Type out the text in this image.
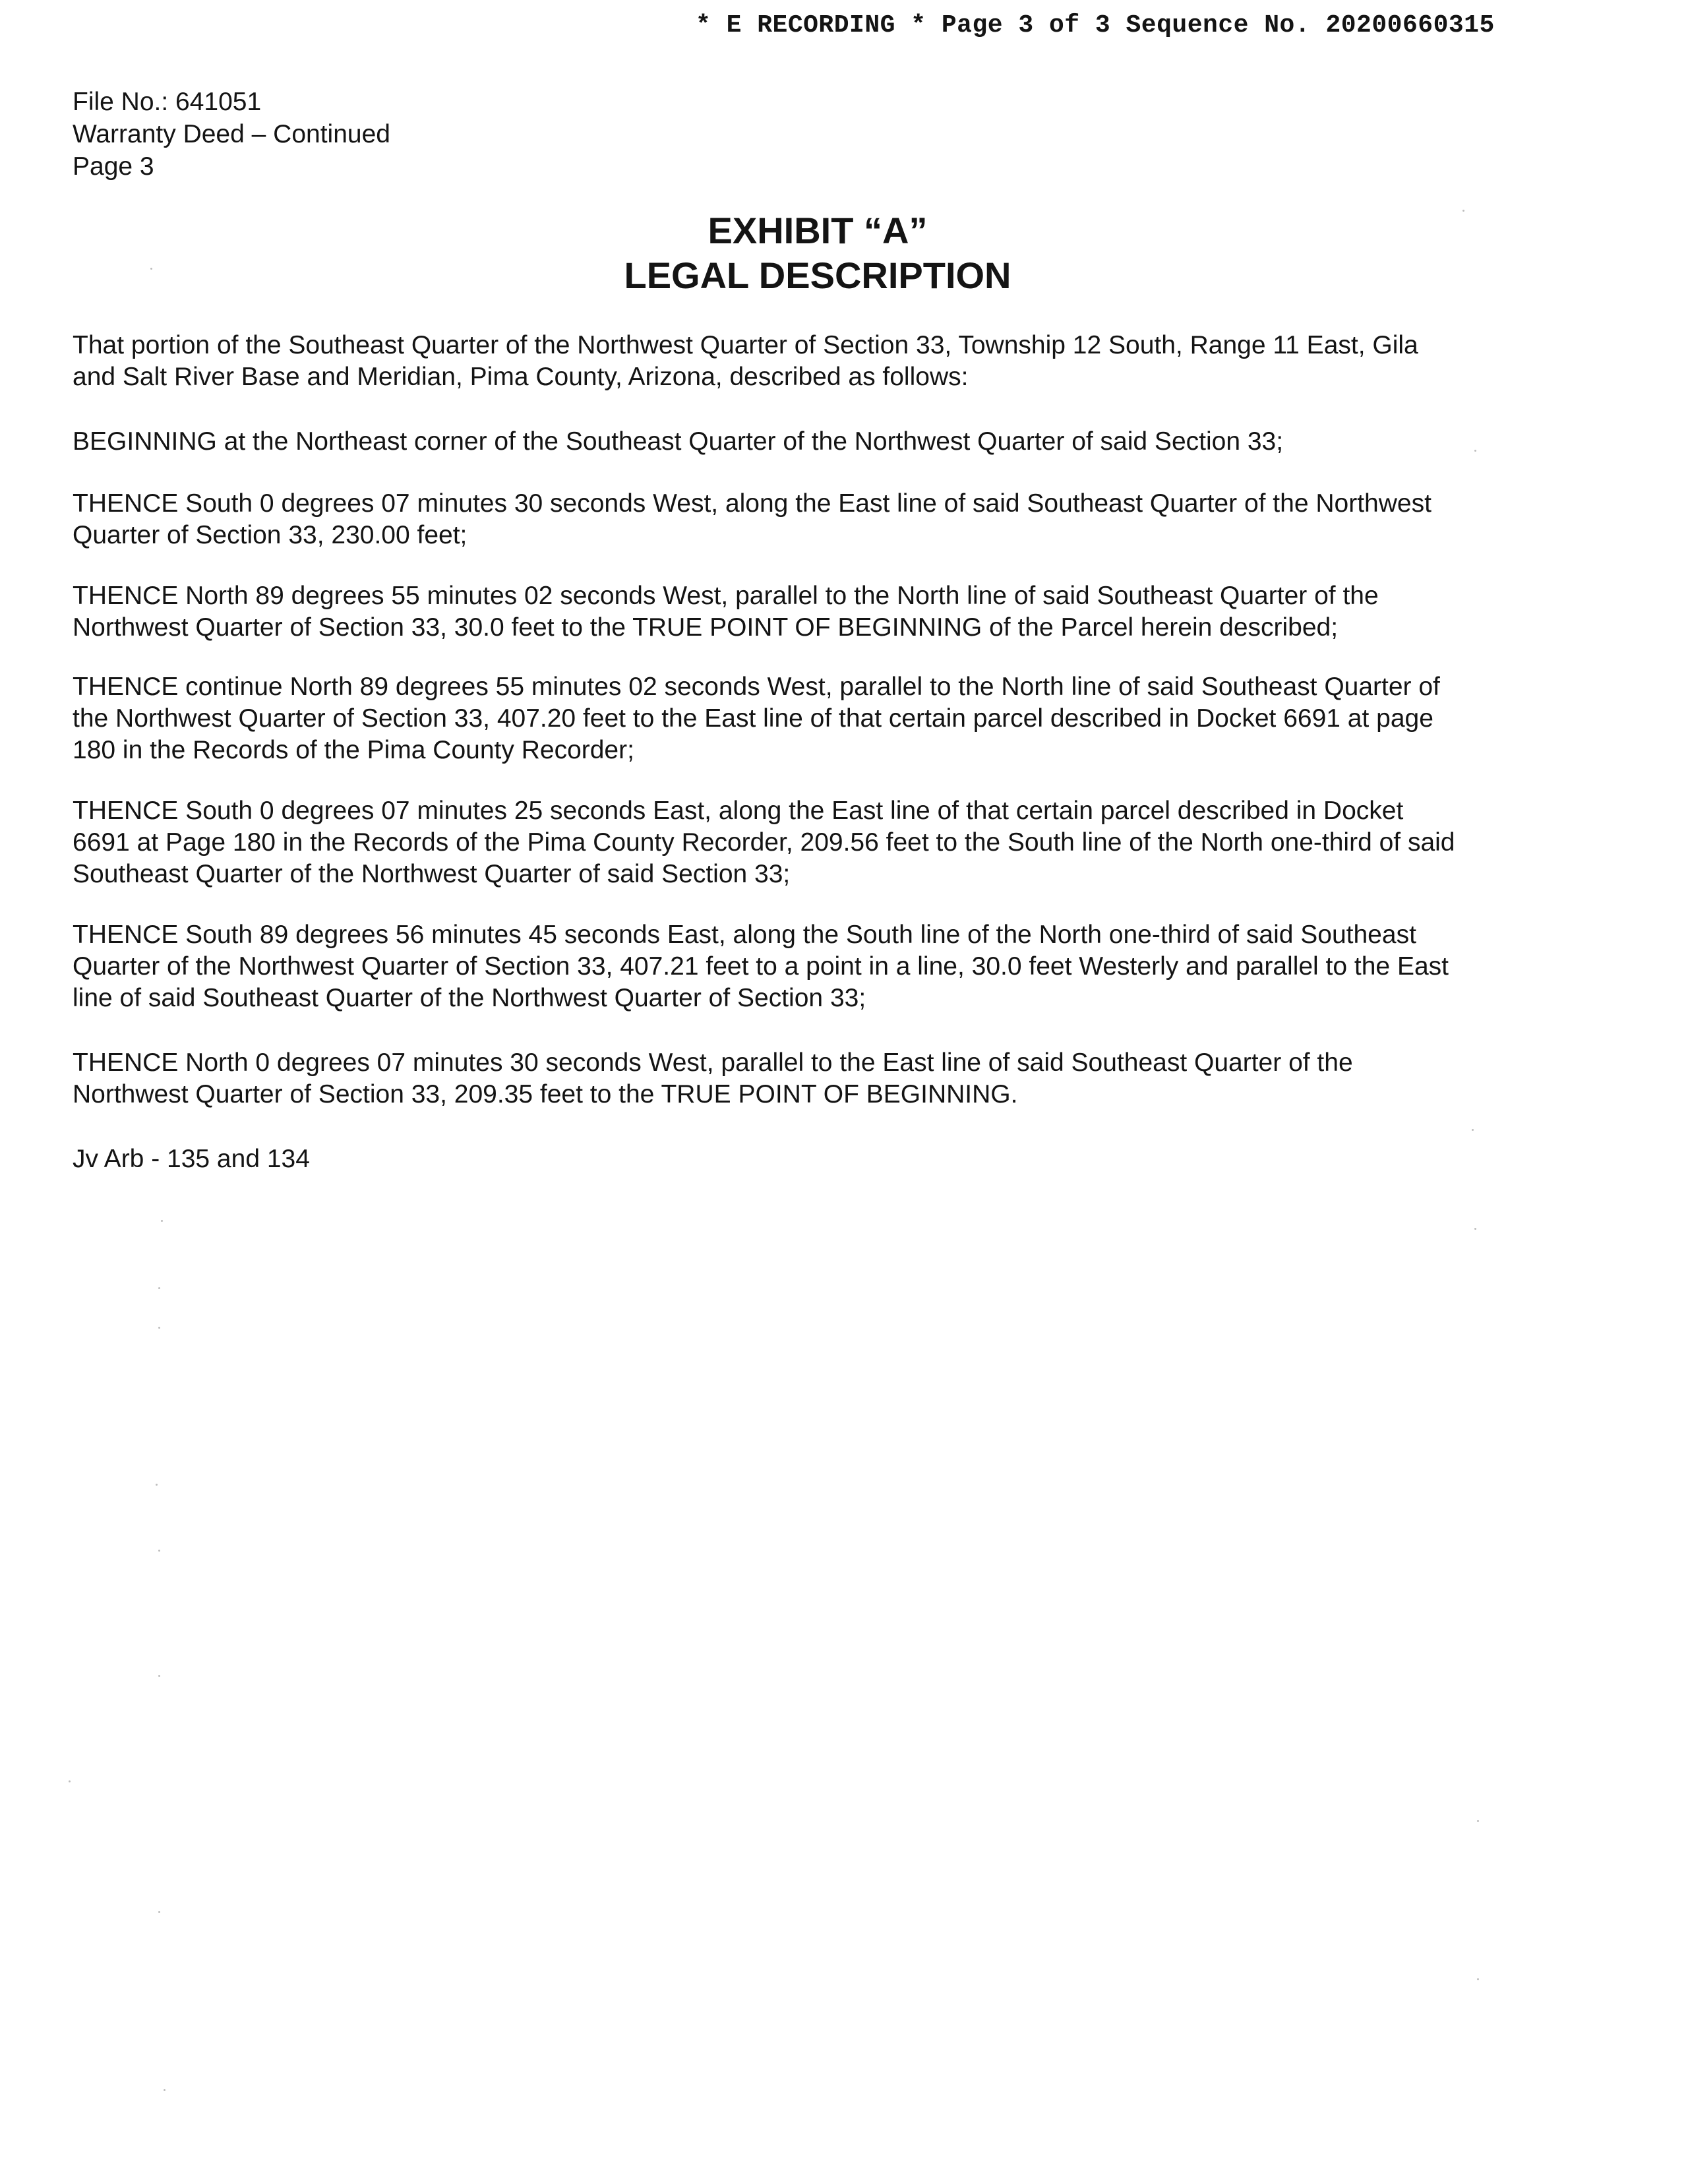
* E RECORDING * Page 3 of 3 Sequence No. 20200660315
File No.: 641051
Warranty Deed – Continued
Page 3
EXHIBIT “A”
LEGAL DESCRIPTION

That portion of the Southeast Quarter of the Northwest Quarter of Section 33, Township 12 South, Range 11 East, Gila

and Salt River Base and Meridian, Pima County, Arizona, described as follows:

BEGINNING at the Northeast corner of the Southeast Quarter of the Northwest Quarter of said Section 33;

THENCE South 0 degrees 07 minutes 30 seconds West, along the East line of said Southeast Quarter of the Northwest

Quarter of Section 33, 230.00 feet;

THENCE North 89 degrees 55 minutes 02 seconds West, parallel to the North line of said Southeast Quarter of the

Northwest Quarter of Section 33, 30.0 feet to the TRUE POINT OF BEGINNING of the Parcel herein described;

THENCE continue North 89 degrees 55 minutes 02 seconds West, parallel to the North line of said Southeast Quarter of

the Northwest Quarter of Section 33, 407.20 feet to the East line of that certain parcel described in Docket 6691 at page

180 in the Records of the Pima County Recorder;

THENCE South 0 degrees 07 minutes 25 seconds East, along the East line of that certain parcel described in Docket

6691 at Page 180 in the Records of the Pima County Recorder, 209.56 feet to the South line of the North one-third of said

Southeast Quarter of the Northwest Quarter of said Section 33;

THENCE South 89 degrees 56 minutes 45 seconds East, along the South line of the North one-third of said Southeast

Quarter of the Northwest Quarter of Section 33, 407.21 feet to a point in a line, 30.0 feet Westerly and parallel to the East

line of said Southeast Quarter of the Northwest Quarter of Section 33;

THENCE North 0 degrees 07 minutes 30 seconds West, parallel to the East line of said Southeast Quarter of the

Northwest Quarter of Section 33, 209.35 feet to the TRUE POINT OF BEGINNING.

Jv Arb - 135 and 134
